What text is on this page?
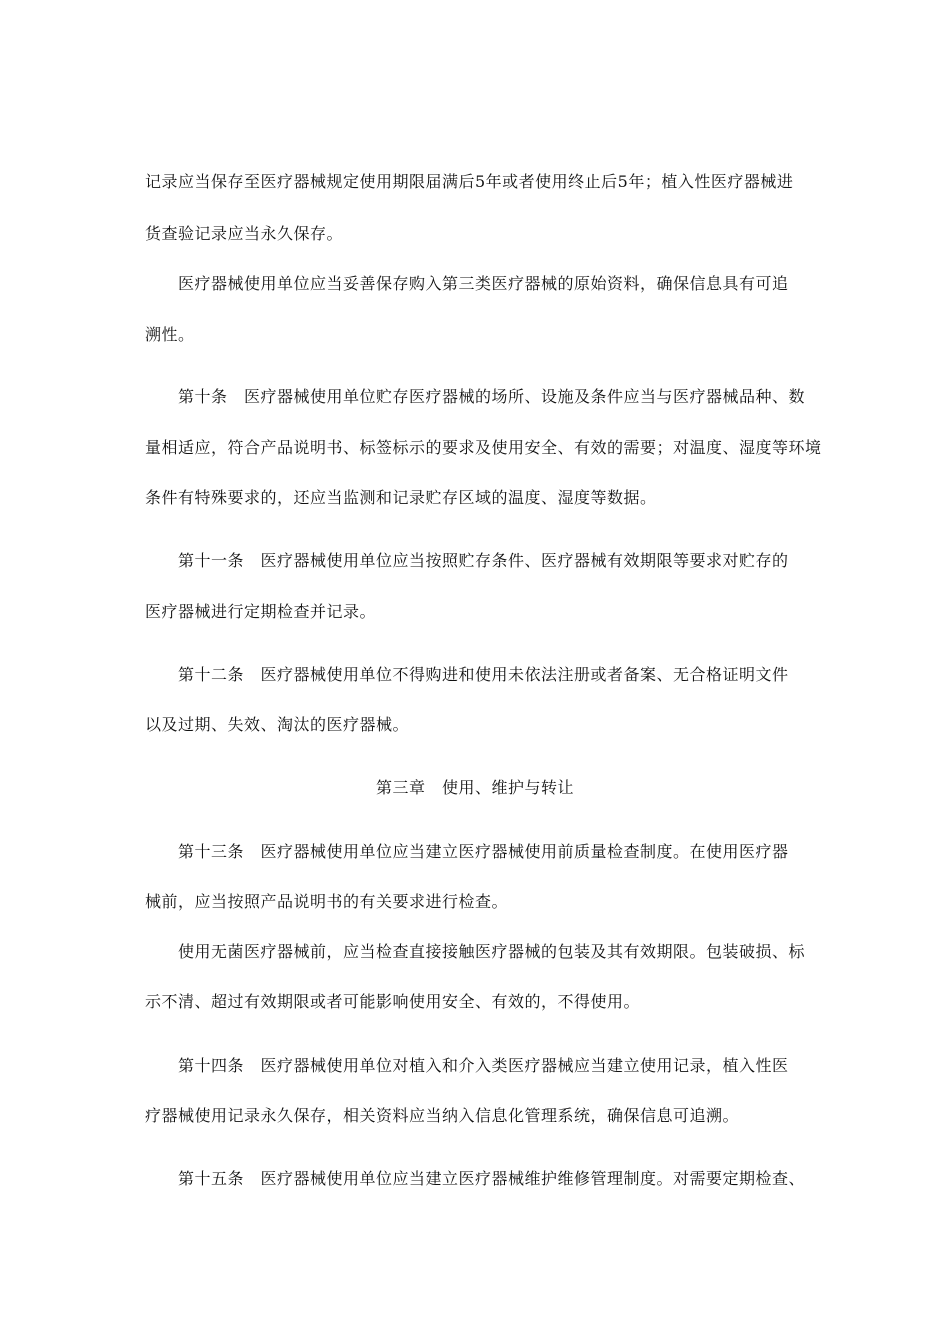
记录应当保存至医疗器械规定使用期限届满后5年或者使用终止后5年；植入性医疗器械进
货查验记录应当永久保存。
医疗器械使用单位应当妥善保存购入第三类医疗器械的原始资料，确保信息具有可追
溯性。
第十条　医疗器械使用单位贮存医疗器械的场所、设施及条件应当与医疗器械品种、数
量相适应，符合产品说明书、标签标示的要求及使用安全、有效的需要；对温度、湿度等环境
条件有特殊要求的，还应当监测和记录贮存区域的温度、湿度等数据。
第十一条　医疗器械使用单位应当按照贮存条件、医疗器械有效期限等要求对贮存的
医疗器械进行定期检查并记录。
第十二条　医疗器械使用单位不得购进和使用未依法注册或者备案、无合格证明文件
以及过期、失效、淘汰的医疗器械。
第三章　使用、维护与转让
第十三条　医疗器械使用单位应当建立医疗器械使用前质量检查制度。在使用医疗器
械前，应当按照产品说明书的有关要求进行检查。
使用无菌医疗器械前，应当检查直接接触医疗器械的包装及其有效期限。包装破损、标
示不清、超过有效期限或者可能影响使用安全、有效的，不得使用。
第十四条　医疗器械使用单位对植入和介入类医疗器械应当建立使用记录，植入性医
疗器械使用记录永久保存，相关资料应当纳入信息化管理系统，确保信息可追溯。
第十五条　医疗器械使用单位应当建立医疗器械维护维修管理制度。对需要定期检查、
